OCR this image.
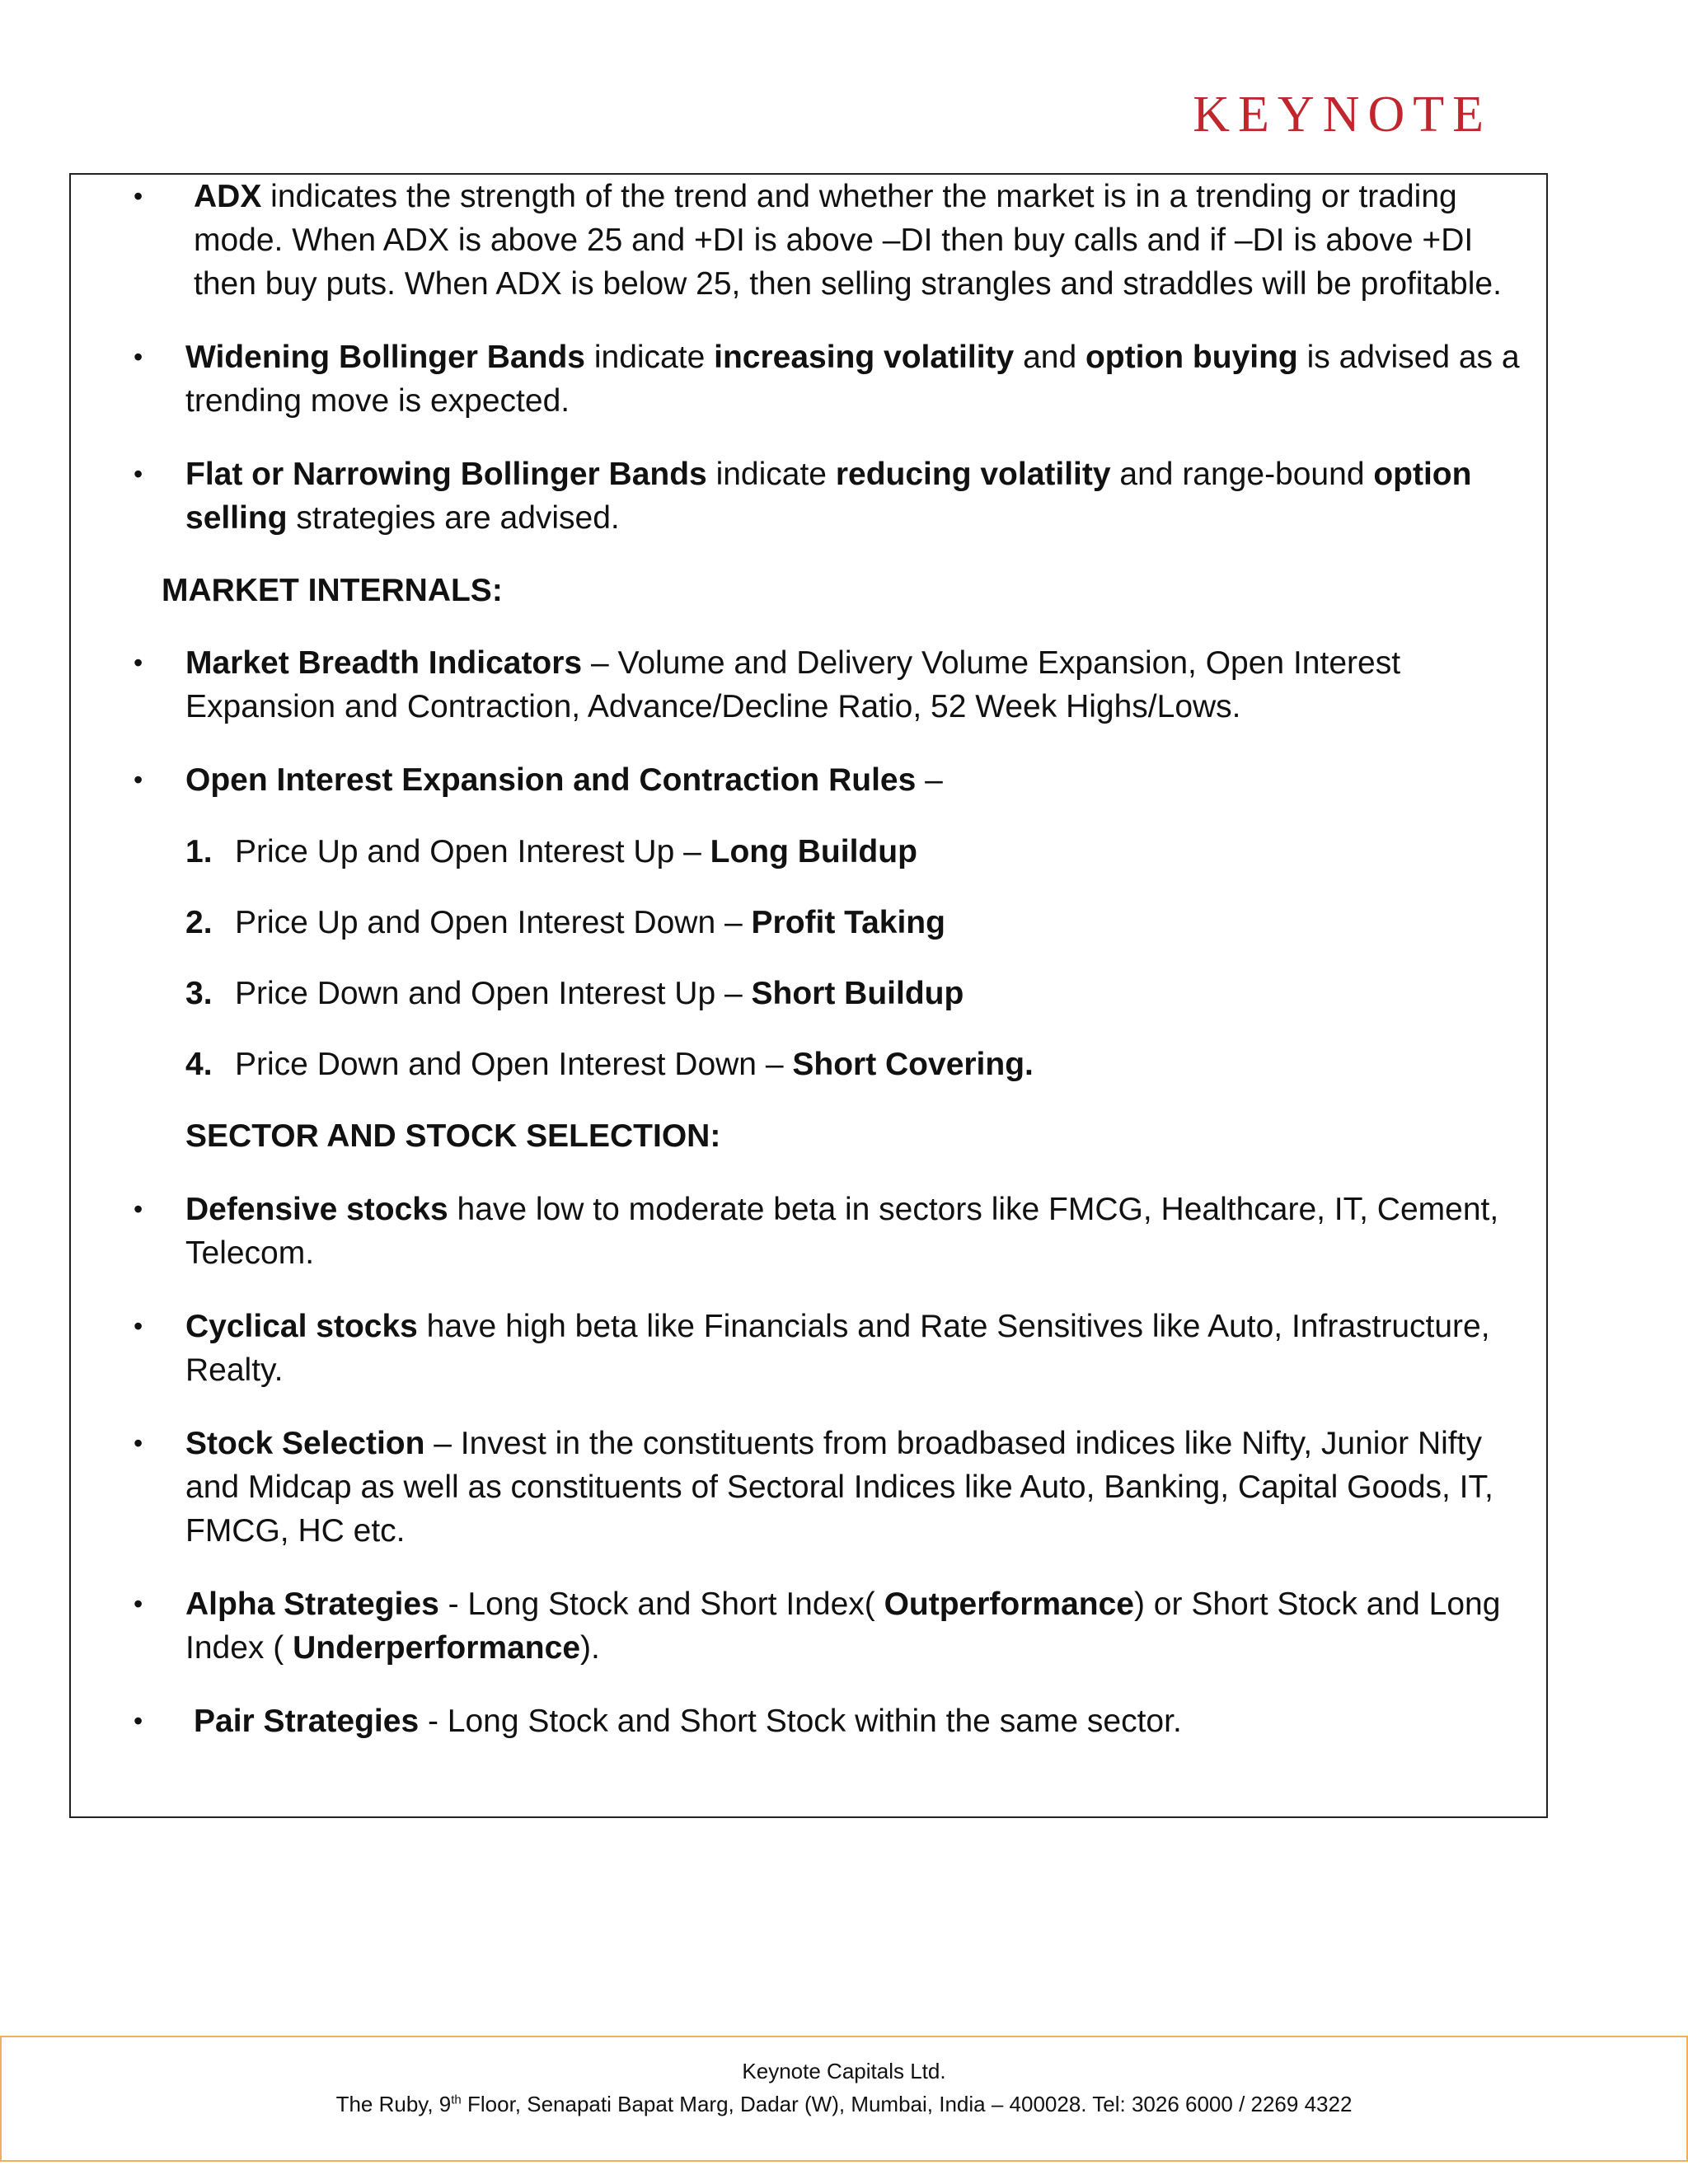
KEYNOTE
• ADX indicates the strength of the trend and whether the market is in a trending or trading mode. When ADX is above 25 and +DI is above –DI then buy calls and if –DI is above +DI then buy puts. When ADX is below 25, then selling strangles and straddles will be profitable.
• Widening Bollinger Bands indicate increasing volatility and option buying is advised as a trending move is expected.
• Flat or Narrowing Bollinger Bands indicate reducing volatility and range-bound option selling strategies are advised.
MARKET INTERNALS:
• Market Breadth Indicators – Volume and Delivery Volume Expansion, Open Interest Expansion and Contraction, Advance/Decline Ratio, 52 Week Highs/Lows.
• Open Interest Expansion and Contraction Rules –
1. Price Up and Open Interest Up – Long Buildup
2. Price Up and Open Interest Down – Profit Taking
3. Price Down and Open Interest Up – Short Buildup
4. Price Down and Open Interest Down – Short Covering.
SECTOR AND STOCK SELECTION:
• Defensive stocks have low to moderate beta in sectors like FMCG, Healthcare, IT, Cement, Telecom.
• Cyclical stocks have high beta like Financials and Rate Sensitives like Auto, Infrastructure, Realty.
• Stock Selection – Invest in the constituents from broadbased indices like Nifty, Junior Nifty and Midcap as well as constituents of Sectoral Indices like Auto, Banking, Capital Goods, IT, FMCG, HC etc.
• Alpha Strategies - Long Stock and Short Index( Outperformance) or Short Stock and Long Index ( Underperformance).
• Pair Strategies - Long Stock and Short Stock within the same sector.
Keynote Capitals Ltd.
The Ruby, 9th Floor, Senapati Bapat Marg, Dadar (W), Mumbai, India – 400028. Tel: 3026 6000 / 2269 4322
